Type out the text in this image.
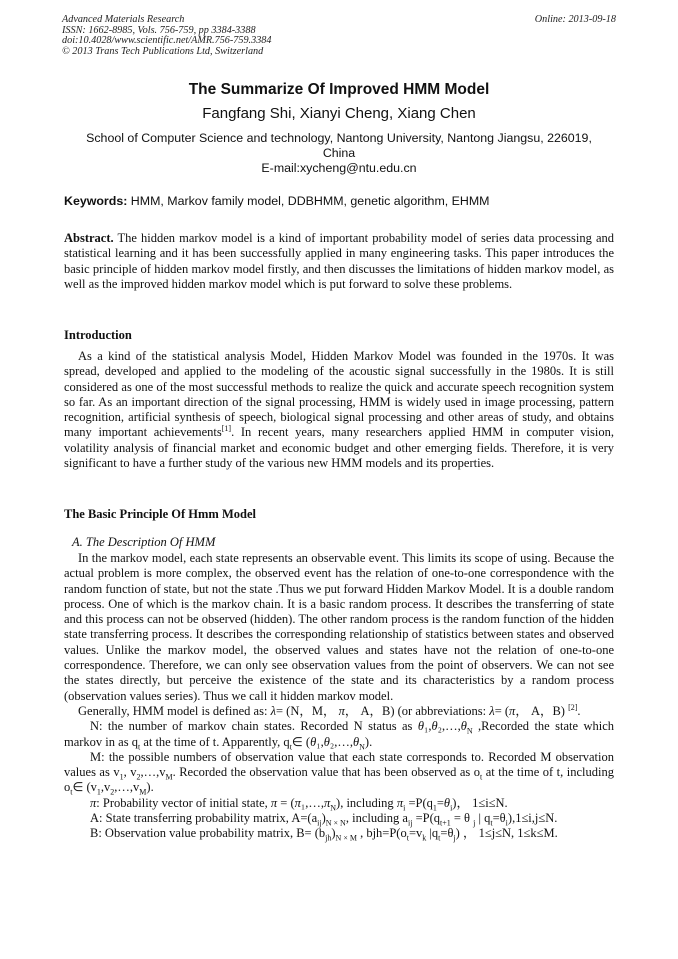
Advanced Materials Research
ISSN: 1662-8985, Vols. 756-759, pp 3384-3388
doi:10.4028/www.scientific.net/AMR.756-759.3384
© 2013 Trans Tech Publications Ltd, Switzerland
Online: 2013-09-18
The Summarize Of Improved HMM Model
Fangfang Shi, Xianyi Cheng, Xiang Chen
School of Computer Science and technology, Nantong University, Nantong Jiangsu, 226019,
China
E-mail:xycheng@ntu.edu.cn
Keywords: HMM, Markov family model, DDBHMM, genetic algorithm, EHMM
Abstract. The hidden markov model is a kind of important probability model of series data processing and statistical learning and it has been successfully applied in many engineering tasks. This paper introduces the basic principle of hidden markov model firstly, and then discusses the limitations of hidden markov model, as well as the improved hidden markov model which is put forward to solve these problems.
Introduction
As a kind of the statistical analysis Model, Hidden Markov Model was founded in the 1970s. It was spread, developed and applied to the modeling of the acoustic signal successfully in the 1980s. It is still considered as one of the most successful methods to realize the quick and accurate speech recognition system so far. As an important direction of the signal processing, HMM is widely used in image processing, pattern recognition, artificial synthesis of speech, biological signal processing and other areas of study, and obtains many important achievements[1]. In recent years, many researchers applied HMM in computer vision, volatility analysis of financial market and economic budget and other emerging fields. Therefore, it is very significant to have a further study of the various new HMM models and its properties.
The Basic Principle Of Hmm Model
A. The Description Of HMM
In the markov model, each state represents an observable event. This limits its scope of using. Because the actual problem is more complex, the observed event has the relation of one-to-one correspondence with the random function of state, but not the state .Thus we put forward Hidden Markov Model. It is a double random process. One of which is the markov chain. It is a basic random process. It describes the transferring of state and this process can not be observed (hidden). The other random process is the random function of the hidden state transferring process. It describes the corresponding relationship of statistics between states and observed values. Unlike the markov model, the observed values and states have not the relation of one-to-one correspondence. Therefore, we can only see observation values from the point of observers. We can not see the states directly, but perceive the existence of the state and its characteristics by a random process (observation values series). Thus we call it hidden markov model.
Generally, HMM model is defined as: λ= (N，M， π， A，B) (or abbreviations: λ= (π， A，B) [2].
N: the number of markov chain states. Recorded N status as $\theta_1,\theta_2,\dots,\theta_N$ ,Recorded the state which markov in as $q_t$ at the time of t. Apparently, $q_t\in$ $(\theta_1,\theta_2,\dots,\theta_N)$.
M: the possible numbers of observation value that each state corresponds to. Recorded M observation values as $v_1$, $v_2,\dots,v_M$. Recorded the observation value that has been observed as $o_t$ at the time of t, including $o_t\in$ $(v_1,v_2,\dots,v_M)$.
π: Probability vector of initial state, $\pi = (\pi_1,\dots,\pi_N)$, including $\pi_i =P(q_1=\theta_i)$， 1≤i≤N.
A: State transferring probability matrix, $A=(a_{ij})_{N \times N}$, including $a_{ij} =P(q_{t+1} = \theta$ $_j$ | $q_t=\theta_i),1\le i,j\le N$.
B: Observation value probability matrix, $B= (b_{jh})_{N \times M}$ , $bjh=P(o_t=v_k$ $|q_t=\theta_j$) ， 1≤j≤N, 1≤k≤M.
